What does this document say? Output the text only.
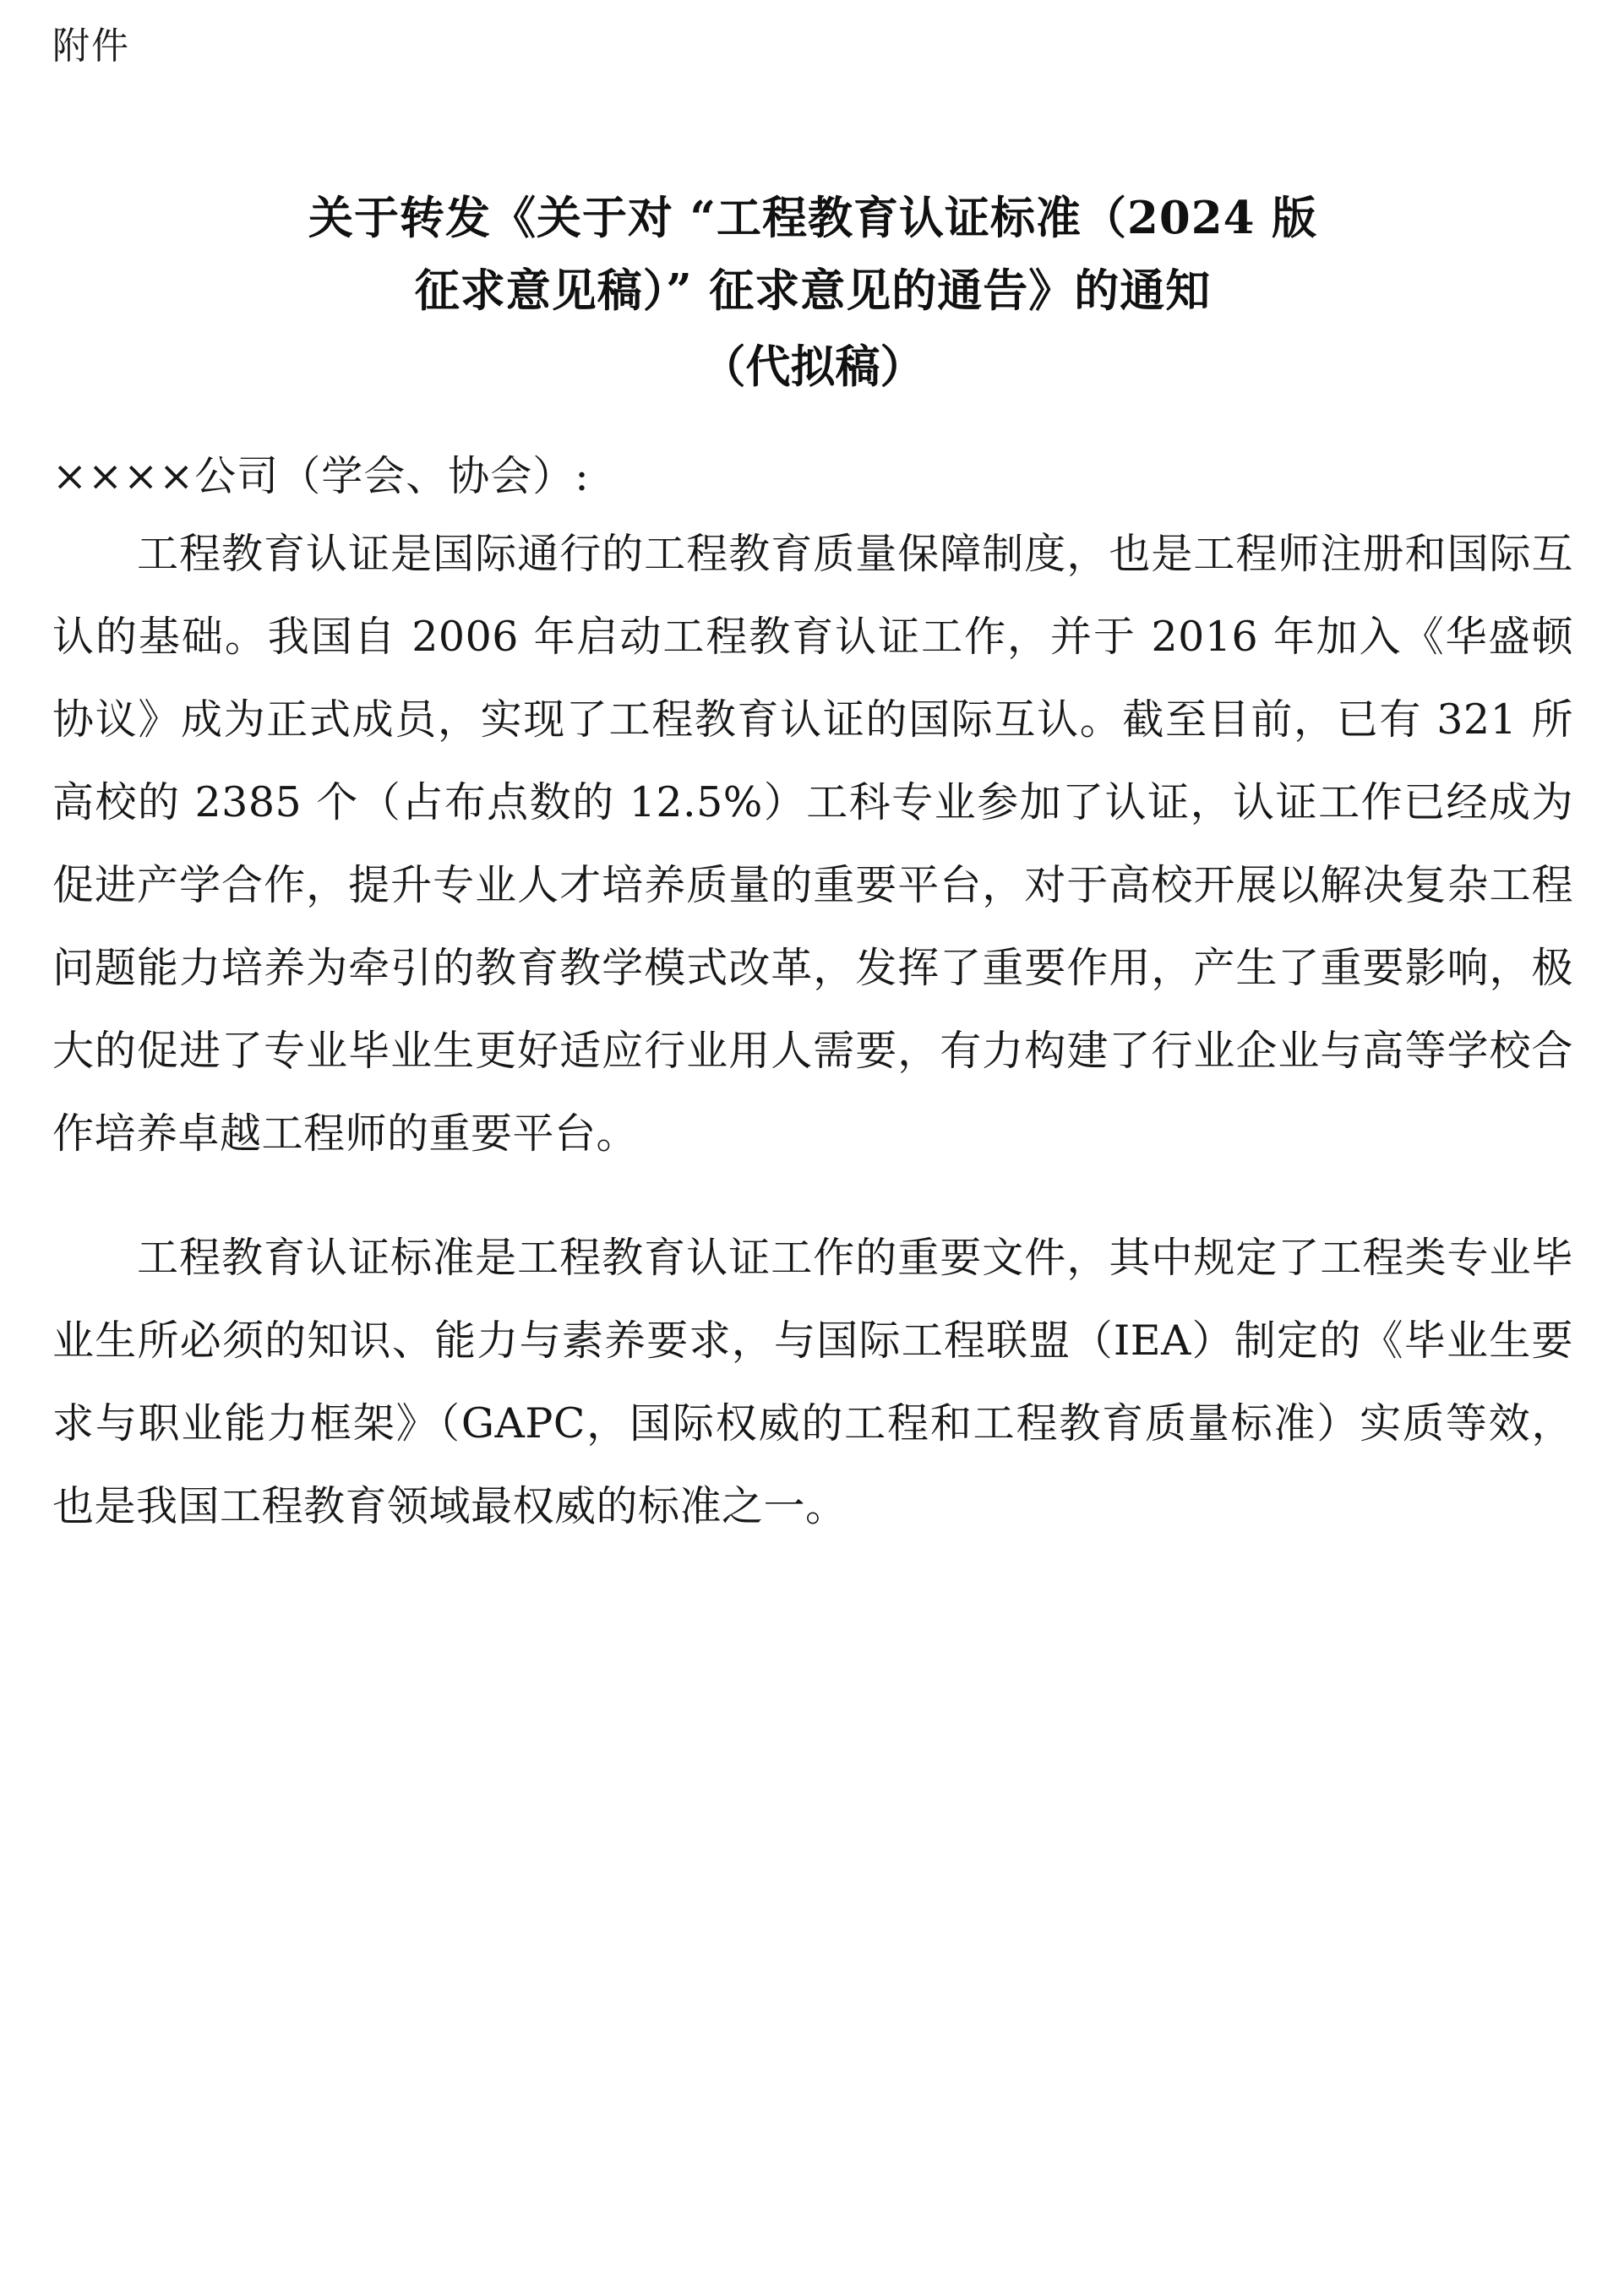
附件
关于转发《关于对 “工程教育认证标准（2024 版
征求意见稿）” 征求意见的通告》的通知
（代拟稿）
××××公司（学会、协会）:

工程教育认证是国际通行的工程教育质量保障制度，也是工程师注册和国际互认的基础。我国自 2006 年启动工程教育认证工作，并于 2016 年加入《华盛顿协议》成为正式成员，实现了工程教育认证的国际互认。截至目前，已有 321 所高校的 2385 个（占布点数的 12.5%）工科专业参加了认证，认证工作已经成为促进产学合作，提升专业人才培养质量的重要平台，对于高校开展以解决复杂工程问题能力培养为牵引的教育教学模式改革，发挥了重要作用，产生了重要影响，极大的促进了专业毕业生更好适应行业用人需要，有力构建了行业企业与高等学校合作培养卓越工程师的重要平台。

工程教育认证标准是工程教育认证工作的重要文件，其中规定了工程类专业毕业生所必须的知识、能力与素养要求，与国际工程联盟（IEA）制定的《毕业生要求与职业能力框架》（GAPC，国际权威的工程和工程教育质量标准）实质等效，也是我国工程教育领域最权威的标准之一。
